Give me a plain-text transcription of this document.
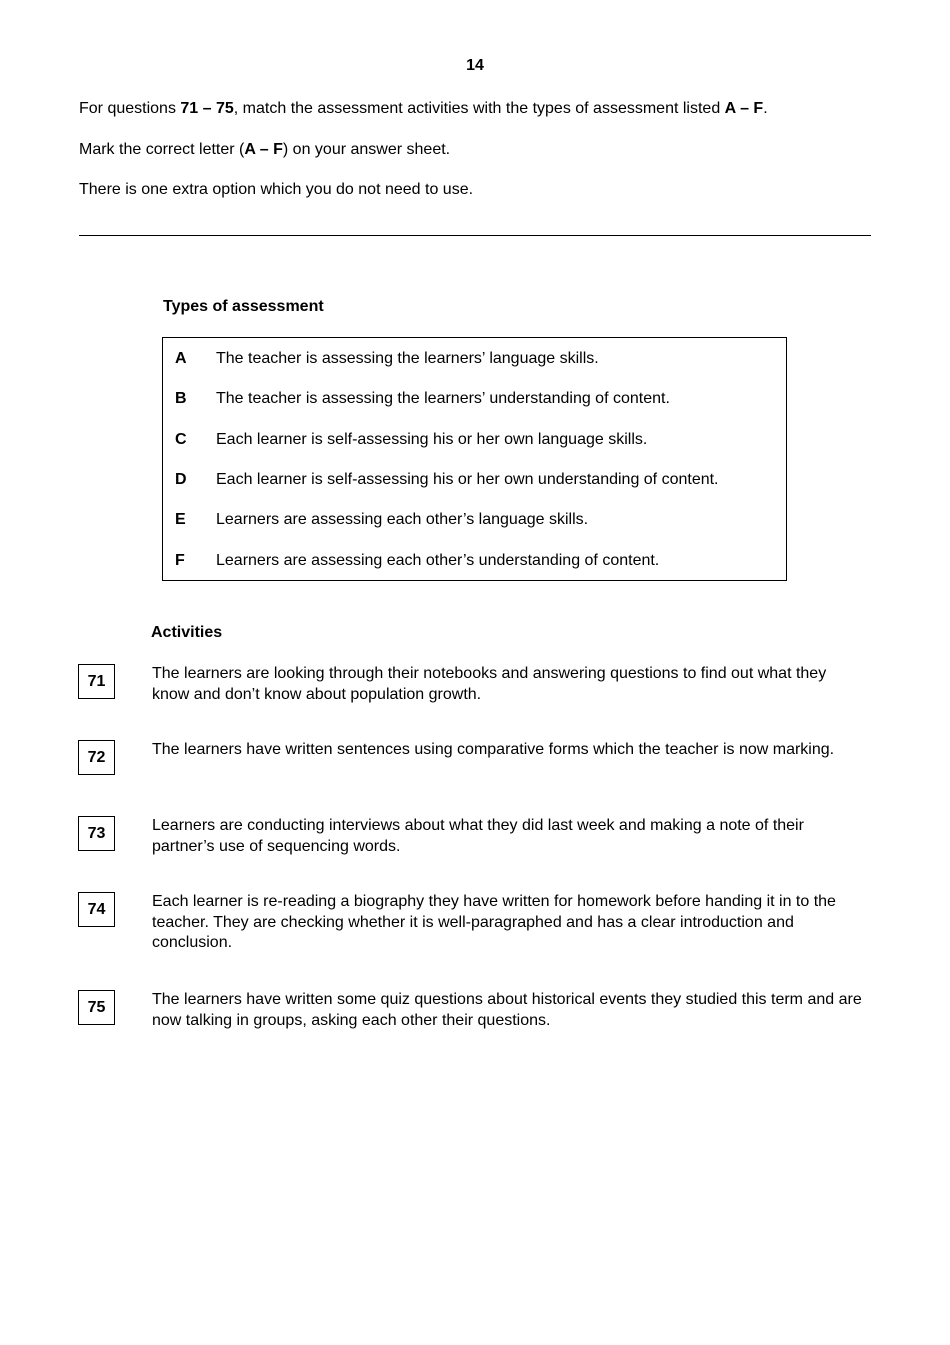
14
For questions 71 – 75, match the assessment activities with the types of assessment listed A – F.
Mark the correct letter (A – F) on your answer sheet.
There is one extra option which you do not need to use.
Types of assessment
A The teacher is assessing the learners’ language skills.
B The teacher is assessing the learners’ understanding of content.
C Each learner is self-assessing his or her own language skills.
D Each learner is self-assessing his or her own understanding of content.
E Learners are assessing each other’s language skills.
F Learners are assessing each other’s understanding of content.
Activities
71	The learners are looking through their notebooks and answering questions to find out what they know and don’t know about population growth.
72	The learners have written sentences using comparative forms which the teacher is now marking.
73	Learners are conducting interviews about what they did last week and making a note of their partner’s use of sequencing words.
74	Each learner is re-reading a biography they have written for homework before handing it in to the teacher. They are checking whether it is well-paragraphed and has a clear introduction and conclusion.
75	The learners have written some quiz questions about historical events they studied this term and are now talking in groups, asking each other their questions.
